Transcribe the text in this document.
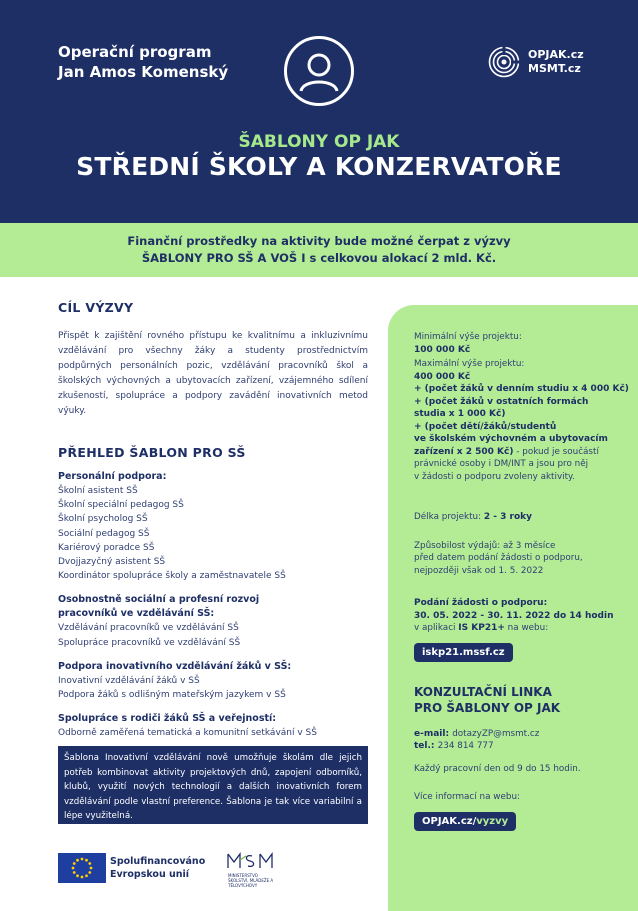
Operační program
Jan Amos Komenský
OPJAK.cz
MSMT.cz
ŠABLONY OP JAK
STŘEDNÍ ŠKOLY A KONZERVATOŘE

Finanční prostředky na aktivity bude možné čerpat z výzvy ŠABLONY PRO SŠ A VOŠ I s celkovou alokací 2 mld. Kč.

CÍL VÝZVY

Přispět k zajištění rovného přístupu ke kvalitnímu a inkluzivnímu vzdělávání pro všechny žáky a studenty prostřednictvím podpůrných personálních pozic, vzdělávání pracovníků škol a školských výchovných a ubytovacích zařízení, vzájemného sdílení zkušeností, spolupráce a podpory zavádění inovativních metod výuky.

PŘEHLED ŠABLON PRO SŠ
Personální podpora:
Školní asistent SŠ
Školní speciální pedagog SŠ
Školní psycholog SŠ
Sociální pedagog SŠ
Kariérový poradce SŠ
Dvojjazyčný asistent SŠ
Koordinátor spolupráce školy a zaměstnavatele SŠ
Osobnostně sociální a profesní rozvoj pracovníků ve vzdělávání SŠ:
Vzdělávání pracovníků ve vzdělávání SŠ
Spolupráce pracovníků ve vzdělávání SŠ
Podpora inovativního vzdělávání žáků v SŠ:
Inovativní vzdělávání žáků v SŠ
Podpora žáků s odlišným mateřským jazykem v SŠ
Spolupráce s rodiči žáků SŠ a veřejností:
Odborně zaměřená tematická a komunitní setkávání v SŠ
Šablona Inovativní vzdělávání nově umožňuje školám dle jejich potřeb kombinovat aktivity projektových dnů, zapojení odborníků, klubů, využití nových technologií a dalších inovativních forem vzdělávání podle vlastní preference. Šablona je tak více variabilní a lépe využitelná.
Spolufinancováno
Evropskou unií	MINISTERSTVO ŠKOLSTVÍ, MLÁDEŽE A TĚLOVÝCHOVY
Minimální výše projektu:
100 000 Kč
Maximální výše projektu:
400 000 Kč
+ (počet žáků v denním studiu x 4 000 Kč)
+ (počet žáků v ostatních formách
studia x 1 000 Kč)
+ (počet dětí/žáků/studentů
ve školském výchovném a ubytovacím
zařízení x 2 500 Kč) - pokud je součástí
právnické osoby i DM/INT a jsou pro něj
v žádosti o podporu zvoleny aktivity.
Délka projektu: 2 - 3 roky
Způsobilost výdajů: až 3 měsíce
před datem podání žádosti o podporu,
nejpozději však od 1. 5. 2022
Podání žádosti o podporu:
30. 05. 2022 - 30. 11. 2022 do 14 hodin
v aplikaci IS KP21+ na webu:
iskp21.mssf.cz
KONZULTAČNÍ LINKA
PRO ŠABLONY OP JAK
e-mail: dotazyZP@msmt.cz
tel.: 234 814 777
Každý pracovní den od 9 do 15 hodin.
Více informací na webu:
OPJAK.cz/vyzvy
